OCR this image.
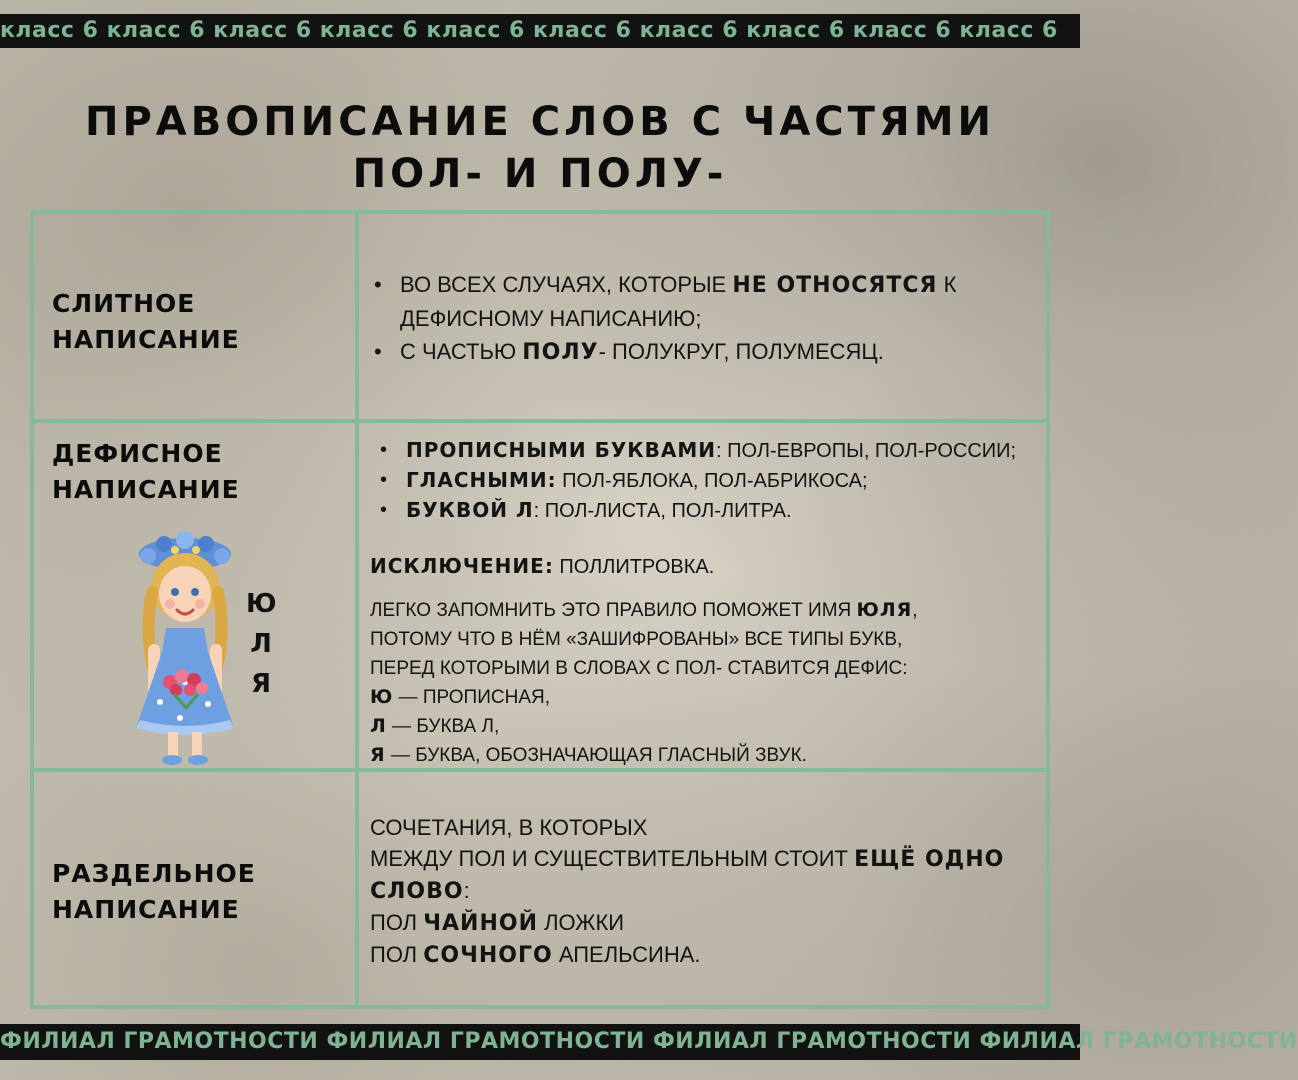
класс 6 класс 6 класс 6 класс 6 класс 6 класс 6 класс 6 класс 6 класс 6 класс 6
ПРАВОПИСАНИЕ СЛОВ С ЧАСТЯМИ
ПОЛ- И ПОЛУ-
СЛИТНОЕ
НАПИСАНИЕ
• ВО ВСЕХ СЛУЧАЯХ, КОТОРЫЕ НЕ ОТНОСЯТСЯ К ДЕФИСНОМУ НАПИСАНИЮ;
• С ЧАСТЬЮ ПОЛУ- ПОЛУКРУГ, ПОЛУМЕСЯЦ.
ДЕФИСНОЕ
НАПИСАНИЕ
Ю
Л
Я
• ПРОПИСНЫМИ БУКВАМИ: ПОЛ-ЕВРОПЫ, ПОЛ-РОССИИ;
• ГЛАСНЫМИ: ПОЛ-ЯБЛОКА, ПОЛ-АБРИКОСА;
• БУКВОЙ Л: ПОЛ-ЛИСТА, ПОЛ-ЛИТРА.
ИСКЛЮЧЕНИЕ: ПОЛЛИТРОВКА.
ЛЕГКО ЗАПОМНИТЬ ЭТО ПРАВИЛО ПОМОЖЕТ ИМЯ ЮЛЯ,
ПОТОМУ ЧТО В НЁМ «ЗАШИФРОВАНЫ» ВСЕ ТИПЫ БУКВ,
ПЕРЕД КОТОРЫМИ В СЛОВАХ С ПОЛ- СТАВИТСЯ ДЕФИС:
Ю — ПРОПИСНАЯ,
Л — БУКВА Л,
Я — БУКВА, ОБОЗНАЧАЮЩАЯ ГЛАСНЫЙ ЗВУК.
РАЗДЕЛЬНОЕ
НАПИСАНИЕ
СОЧЕТАНИЯ, В КОТОРЫХ
МЕЖДУ ПОЛ И СУЩЕСТВИТЕЛЬНЫМ СТОИТ ЕЩЁ ОДНО СЛОВО:
ПОЛ ЧАЙНОЙ ЛОЖКИ
ПОЛ СОЧНОГО АПЕЛЬСИНА.
ФИЛИАЛ ГРАМОТНОСТИ ФИЛИАЛ ГРАМОТНОСТИ ФИЛИАЛ ГРАМОТНОСТИ ФИЛИАЛ ГРАМОТНОСТИ
